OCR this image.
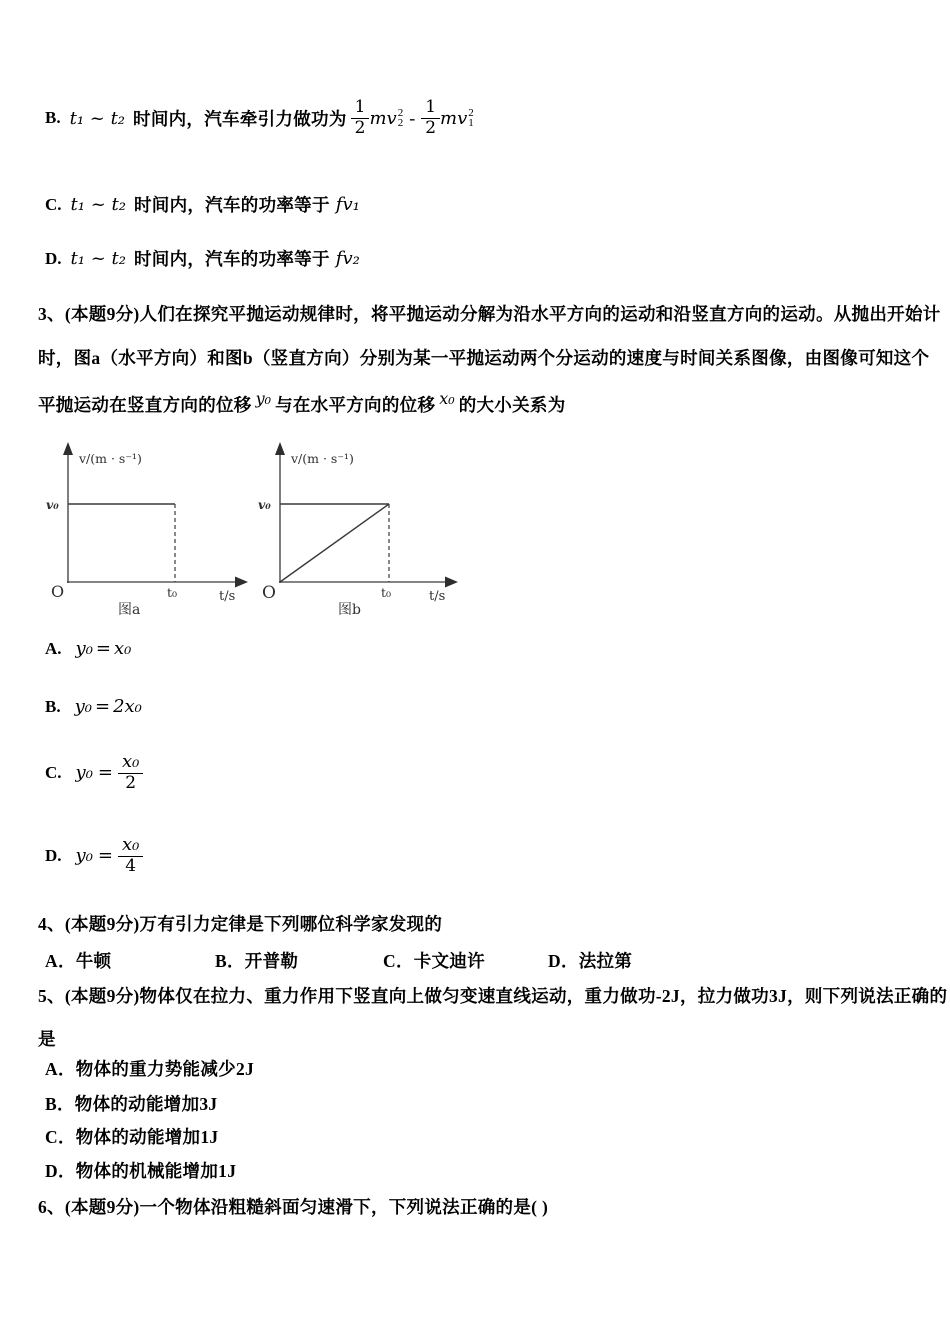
B. t₁ ~ t₂ 时间内，汽车牵引力做功为 $\frac{1}{2}$ mv 2
$2 - \frac{1}{2}$ mv 2
1
C. t₁ ~ t₂ 时间内，汽车的功率等于 fv₁
D. t₁ ~ t₂ 时间内，汽车的功率等于 fv₂
3、(本题9分)人们在探究平抛运动规律时，将平抛运动分解为沿水平方向的运动和沿竖直方向的运动。从抛出开始计
时，图a（水平方向）和图b（竖直方向）分别为某一平抛运动两个分运动的速度与时间关系图像，由图像可知这个
平抛运动在竖直方向的位移 y₀ 与在水平方向的位移 x₀ 的大小关系为
v/(m · s⁻¹)
v₀
O	t₀	t/s
图a
v/(m · s⁻¹)
v₀
O	t₀	t/s
图b
A. y₀ = x₀
B. y₀ = 2x₀
C. $y_0 = \frac{\text{x₀}}{2}$
D. $y_0 = \frac{\text{x₀}}{4}$
4、(本题9分)万有引力定律是下列哪位科学家发现的
A． 牛顿	B． 开普勒	C． 卡文迪许	D． 法拉第
5、(本题9分)物体仅在拉力、重力作用下竖直向上做匀变速直线运动，重力做功-2J，拉力做功3J，则下列说法正确的
是
A． 物体的重力势能减少2J
B． 物体的动能增加3J
C． 物体的动能增加1J
D． 物体的机械能增加1J
6、(本题9分)一个物体沿粗糙斜面匀速滑下，下列说法正确的是( )
